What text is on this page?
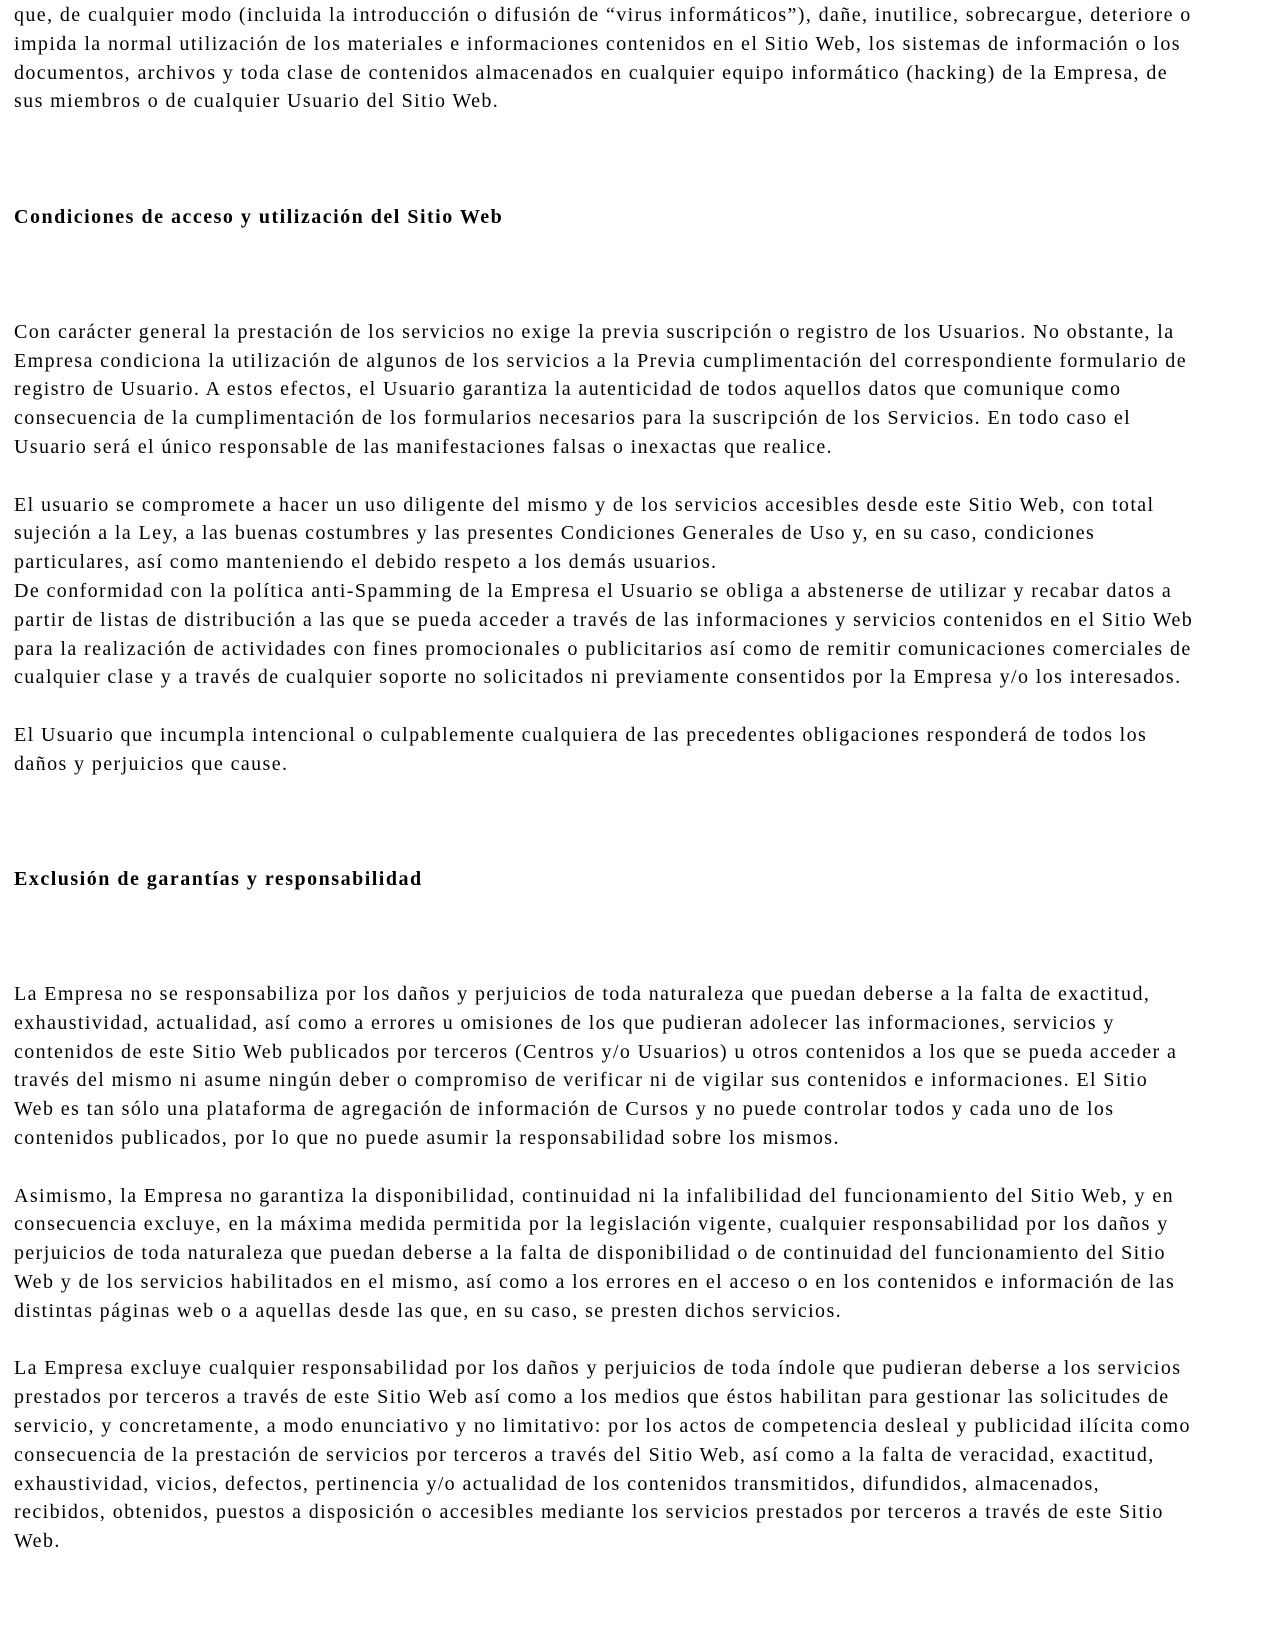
que, de cualquier modo (incluida la introducción o difusión de “virus informáticos”), dañe, inutilice, sobrecargue, deteriore o
impida la normal utilización de los materiales e informaciones contenidos en el Sitio Web, los sistemas de información o los
documentos, archivos y toda clase de contenidos almacenados en cualquier equipo informático (hacking) de la Empresa, de
sus miembros o de cualquier Usuario del Sitio Web.
Condiciones de acceso y utilización del Sitio Web
Con carácter general la prestación de los servicios no exige la previa suscripción o registro de los Usuarios. No obstante, la
Empresa condiciona la utilización de algunos de los servicios a la Previa cumplimentación del correspondiente formulario de
registro de Usuario. A estos efectos, el Usuario garantiza la autenticidad de todos aquellos datos que comunique como
consecuencia de la cumplimentación de los formularios necesarios para la suscripción de los Servicios. En todo caso el
Usuario será el único responsable de las manifestaciones falsas o inexactas que realice.
El usuario se compromete a hacer un uso diligente del mismo y de los servicios accesibles desde este Sitio Web, con total
sujeción a la Ley, a las buenas costumbres y las presentes Condiciones Generales de Uso y, en su caso, condiciones
particulares, así como manteniendo el debido respeto a los demás usuarios.
De conformidad con la política anti-Spamming de la Empresa el Usuario se obliga a abstenerse de utilizar y recabar datos a
partir de listas de distribución a las que se pueda acceder a través de las informaciones y servicios contenidos en el Sitio Web
para la realización de actividades con fines promocionales o publicitarios así como de remitir comunicaciones comerciales de
cualquier clase y a través de cualquier soporte no solicitados ni previamente consentidos por la Empresa y/o los interesados.
El Usuario que incumpla intencional o culpablemente cualquiera de las precedentes obligaciones responderá de todos los
daños y perjuicios que cause.
Exclusión de garantías y responsabilidad
La Empresa no se responsabiliza por los daños y perjuicios de toda naturaleza que puedan deberse a la falta de exactitud,
exhaustividad, actualidad, así como a errores u omisiones de los que pudieran adolecer las informaciones, servicios y
contenidos de este Sitio Web publicados por terceros (Centros y/o Usuarios) u otros contenidos a los que se pueda acceder a
través del mismo ni asume ningún deber o compromiso de verificar ni de vigilar sus contenidos e informaciones. El Sitio
Web es tan sólo una plataforma de agregación de información de Cursos y no puede controlar todos y cada uno de los
contenidos publicados, por lo que no puede asumir la responsabilidad sobre los mismos.
Asimismo, la Empresa no garantiza la disponibilidad, continuidad ni la infalibilidad del funcionamiento del Sitio Web, y en
consecuencia excluye, en la máxima medida permitida por la legislación vigente, cualquier responsabilidad por los daños y
perjuicios de toda naturaleza que puedan deberse a la falta de disponibilidad o de continuidad del funcionamiento del Sitio
Web y de los servicios habilitados en el mismo, así como a los errores en el acceso o en los contenidos e información de las
distintas páginas web o a aquellas desde las que, en su caso, se presten dichos servicios.
La Empresa excluye cualquier responsabilidad por los daños y perjuicios de toda índole que pudieran deberse a los servicios
prestados por terceros a través de este Sitio Web así como a los medios que éstos habilitan para gestionar las solicitudes de
servicio, y concretamente, a modo enunciativo y no limitativo: por los actos de competencia desleal y publicidad ilícita como
consecuencia de la prestación de servicios por terceros a través del Sitio Web, así como a la falta de veracidad, exactitud,
exhaustividad, vicios, defectos, pertinencia y/o actualidad de los contenidos transmitidos, difundidos, almacenados,
recibidos, obtenidos, puestos a disposición o accesibles mediante los servicios prestados por terceros a través de este Sitio
Web.
